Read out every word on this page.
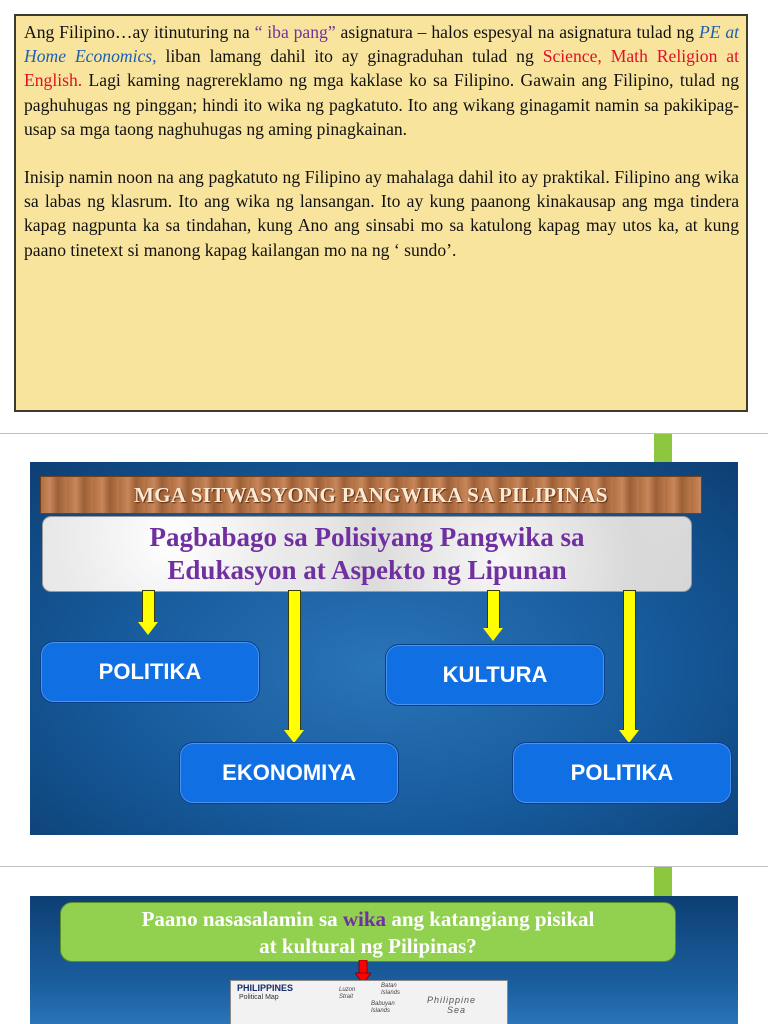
Ang Filipino…ay itinuturing na “ iba pang” asignatura – halos espesyal na asignatura tulad ng PE at Home Economics, liban lamang dahil ito ay ginagraduhan tulad ng Science, Math Religion at English. Lagi kaming nagrereklamo ng mga kaklase ko sa Filipino. Gawain ang Filipino, tulad ng paghuhugas ng pinggan; hindi ito wika ng pagkatuto. Ito ang wikang ginagamit namin sa pakikipag-usap sa mga taong naghuhugas ng aming pinagkainan.

Inisip namin noon na ang pagkatuto ng Filipino ay mahalaga dahil ito ay praktikal. Filipino ang wika sa labas ng klasrum. Ito ang wika ng lansangan. Ito ay kung paanong kinakausap ang mga tindera kapag nagpunta ka sa tindahan, kung Ano ang sinsabi mo sa katulong kapag may utos ka, at kung paano tinetext si manong kapag kailangan mo na ng ‘ sundo’.

MGA SITWASYONG PANGWIKA SA PILIPINAS
Pagbabago sa Polisiyang Pangwika sa
Edukasyon at Aspekto ng Lipunan
POLITIKA
EKONOMIYA
KULTURA
POLITIKA
Paano nasasalamin sa wika ang katangiang pisikal
at kultural ng Pilipinas?
PHILIPPINES
Political Map
Luzon
Strait
Batan
Islands
Babuyan
Islands
Philippine
Sea
